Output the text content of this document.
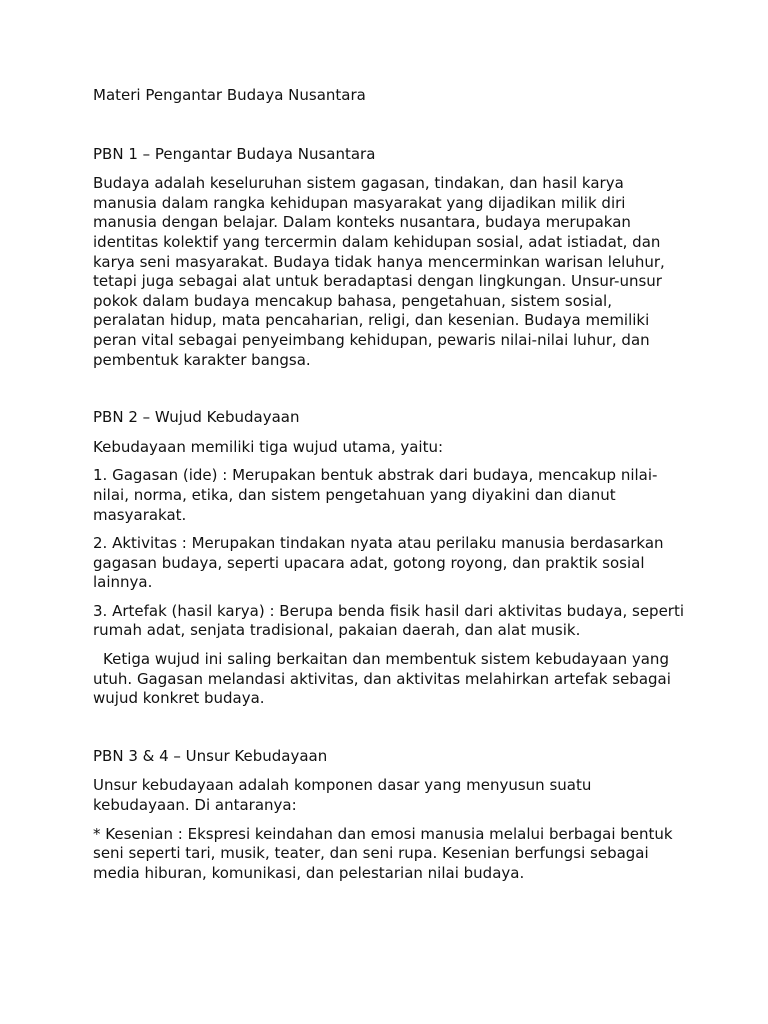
Materi Pengantar Budaya Nusantara

PBN 1 – Pengantar Budaya Nusantara

Budaya adalah keseluruhan sistem gagasan, tindakan, dan hasil karya manusia dalam rangka kehidupan masyarakat yang dijadikan milik diri manusia dengan belajar. Dalam konteks nusantara, budaya merupakan identitas kolektif yang tercermin dalam kehidupan sosial, adat istiadat, dan karya seni masyarakat. Budaya tidak hanya mencerminkan warisan leluhur, tetapi juga sebagai alat untuk beradaptasi dengan lingkungan. Unsur-unsur pokok dalam budaya mencakup bahasa, pengetahuan, sistem sosial, peralatan hidup, mata pencaharian, religi, dan kesenian. Budaya memiliki peran vital sebagai penyeimbang kehidupan, pewaris nilai-nilai luhur, dan pembentuk karakter bangsa.

PBN 2 – Wujud Kebudayaan

Kebudayaan memiliki tiga wujud utama, yaitu:

1. Gagasan (ide) : Merupakan bentuk abstrak dari budaya, mencakup nilai-nilai, norma, etika, dan sistem pengetahuan yang diyakini dan dianut masyarakat.

2. Aktivitas : Merupakan tindakan nyata atau perilaku manusia berdasarkan gagasan budaya, seperti upacara adat, gotong royong, dan praktik sosial lainnya.

3. Artefak (hasil karya) : Berupa benda fisik hasil dari aktivitas budaya, seperti rumah adat, senjata tradisional, pakaian daerah, dan alat musik.

Ketiga wujud ini saling berkaitan dan membentuk sistem kebudayaan yang utuh. Gagasan melandasi aktivitas, dan aktivitas melahirkan artefak sebagai wujud konkret budaya.

PBN 3 & 4 – Unsur Kebudayaan

Unsur kebudayaan adalah komponen dasar yang menyusun suatu kebudayaan. Di antaranya:

* Kesenian : Ekspresi keindahan dan emosi manusia melalui berbagai bentuk seni seperti tari, musik, teater, dan seni rupa. Kesenian berfungsi sebagai media hiburan, komunikasi, dan pelestarian nilai budaya.
